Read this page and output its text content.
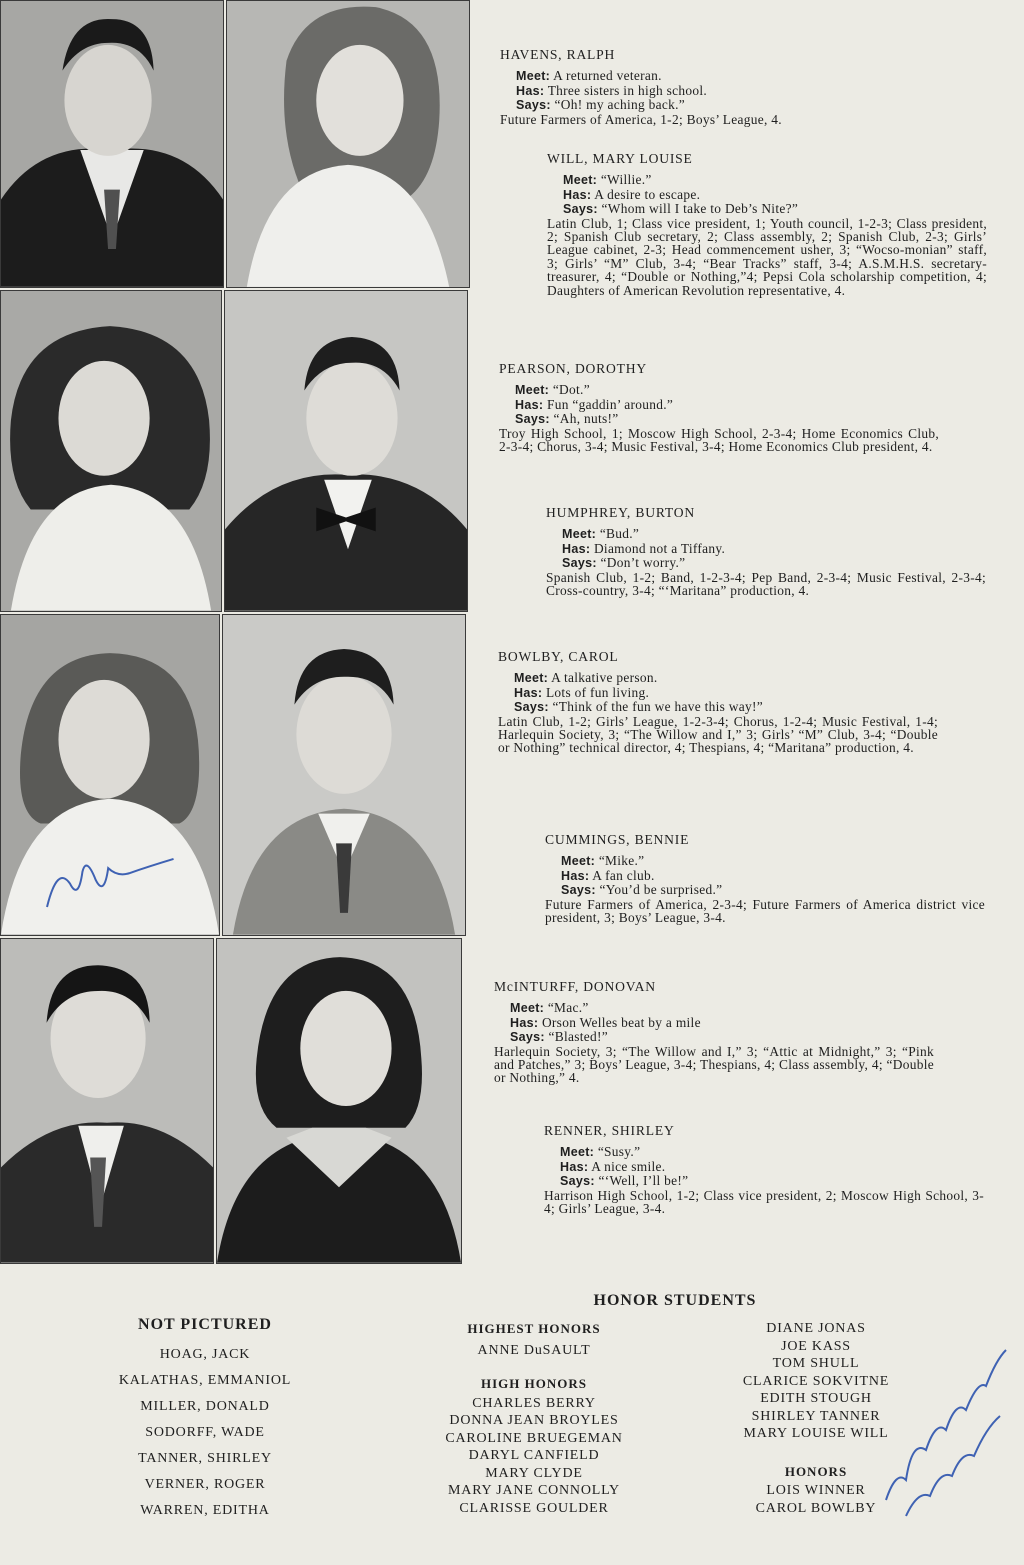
HAVENS, RALPH
Meet: A returned veteran.
Has: Three sisters in high school.
Says: “Oh! my aching back.”
Future Farmers of America, 1-2; Boys’ League, 4.
WILL, MARY LOUISE
Meet: “Willie.”
Has: A desire to escape.
Says: “Whom will I take to Deb’s Nite?”
Latin Club, 1; Class vice president, 1; Youth council, 1-2-3; Class president, 2; Spanish Club secretary, 2; Class assembly, 2; Spanish Club, 2-3; Girls’ League cabinet, 2-3; Head commencement usher, 3; “Wocso-monian” staff, 3; Girls’ “M” Club, 3-4; “Bear Tracks” staff, 3-4; A.S.M.H.S. secretary-treasurer, 4; “Double or Nothing,”4; Pepsi Cola scholarship competition, 4; Daughters of American Revolution representative, 4.
PEARSON, DOROTHY
Meet: “Dot.”
Has: Fun “gaddin’ around.”
Says: “Ah, nuts!”
Troy High School, 1; Moscow High School, 2-3-4; Home Economics Club, 2-3-4; Chorus, 3-4; Music Festival, 3-4; Home Economics Club president, 4.
HUMPHREY, BURTON
Meet: “Bud.”
Has: Diamond not a Tiffany.
Says: “Don’t worry.”
Spanish Club, 1-2; Band, 1-2-3-4; Pep Band, 2-3-4; Music Festival, 2-3-4; Cross-country, 3-4; “‘Maritana” production, 4.
BOWLBY, CAROL
Meet: A talkative person.
Has: Lots of fun living.
Says: “Think of the fun we have this way!”
Latin Club, 1-2; Girls’ League, 1-2-3-4; Chorus, 1-2-4; Music Festival, 1-4; Harlequin Society, 3; “The Willow and I,” 3; Girls’ “M” Club, 3-4; “Double or Nothing” technical director, 4; Thespians, 4; “Maritana” production, 4.
CUMMINGS, BENNIE
Meet: “Mike.”
Has: A fan club.
Says: “You’d be surprised.”
Future Farmers of America, 2-3-4; Future Farmers of America district vice president, 3; Boys’ League, 3-4.
McINTURFF, DONOVAN
Meet: “Mac.”
Has: Orson Welles beat by a mile
Says: “Blasted!”
Harlequin Society, 3; “The Willow and I,” 3; “Attic at Midnight,” 3; “Pink and Patches,” 3; Boys’ League, 3-4; Thespians, 4; Class assembly, 4; “Double or Nothing,” 4.
RENNER, SHIRLEY
Meet: “Susy.”
Has: A nice smile.
Says: “‘Well, I’ll be!”
Harrison High School, 1-2; Class vice president, 2; Moscow High School, 3-4; Girls’ League, 3-4.
HONOR STUDENTS
NOT PICTURED
HOAG, JACK
KALATHAS, EMMANIOL
MILLER, DONALD
SODORFF, WADE
TANNER, SHIRLEY
VERNER, ROGER
WARREN, EDITHA
HIGHEST HONORS
ANNE DuSAULT
HIGH HONORS
CHARLES BERRY
DONNA JEAN BROYLES
CAROLINE BRUEGEMAN
DARYL CANFIELD
MARY CLYDE
MARY JANE CONNOLLY
CLARISSE GOULDER
DIANE JONAS
JOE KASS
TOM SHULL
CLARICE SOKVITNE
EDITH STOUGH
SHIRLEY TANNER
MARY LOUISE WILL
HONORS
LOIS WINNER
CAROL BOWLBY
